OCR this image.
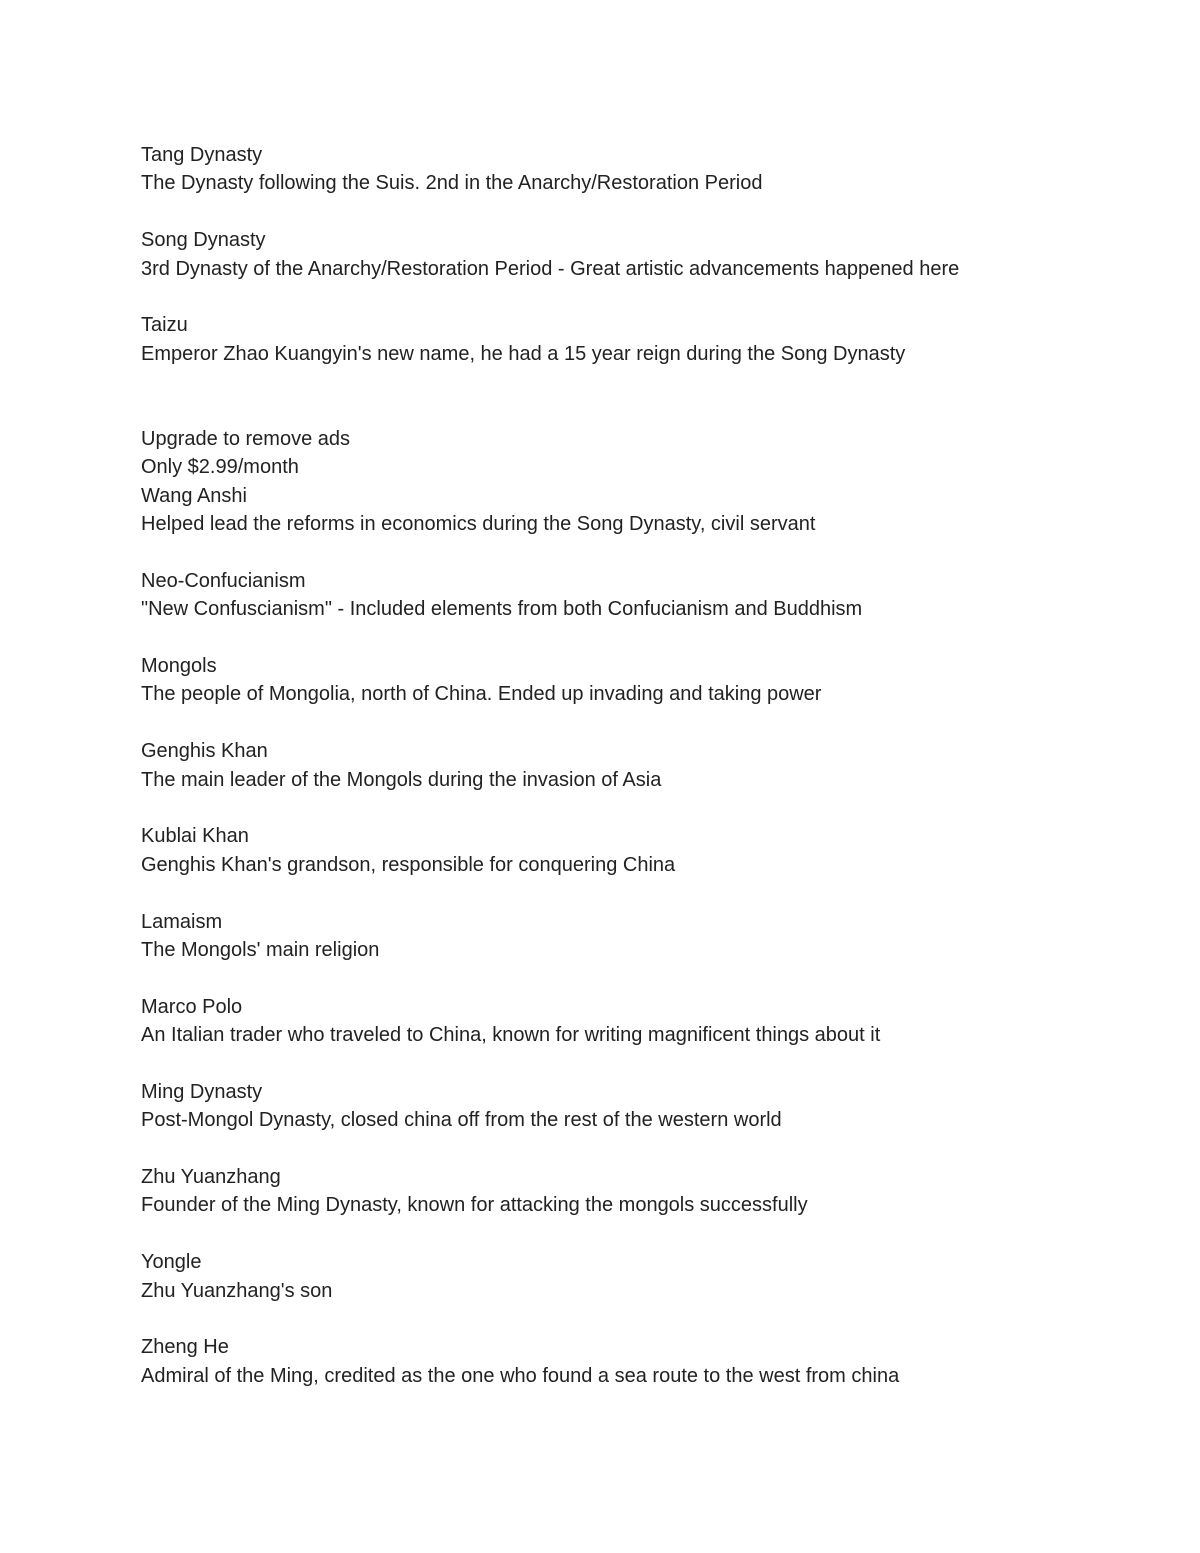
Tang Dynasty
The Dynasty following the Suis. 2nd in the Anarchy/Restoration Period
Song Dynasty
3rd Dynasty of the Anarchy/Restoration Period - Great artistic advancements happened here
Taizu
Emperor Zhao Kuangyin's new name, he had a 15 year reign during the Song Dynasty
Upgrade to remove ads
Only $2.99/month
Wang Anshi
Helped lead the reforms in economics during the Song Dynasty, civil servant
Neo-Confucianism
"New Confuscianism" - Included elements from both Confucianism and Buddhism
Mongols
The people of Mongolia, north of China. Ended up invading and taking power
Genghis Khan
The main leader of the Mongols during the invasion of Asia
Kublai Khan
Genghis Khan's grandson, responsible for conquering China
Lamaism
The Mongols' main religion
Marco Polo
An Italian trader who traveled to China, known for writing magnificent things about it
Ming Dynasty
Post-Mongol Dynasty, closed china off from the rest of the western world
Zhu Yuanzhang
Founder of the Ming Dynasty, known for attacking the mongols successfully
Yongle
Zhu Yuanzhang's son
Zheng He
Admiral of the Ming, credited as the one who found a sea route to the west from china
